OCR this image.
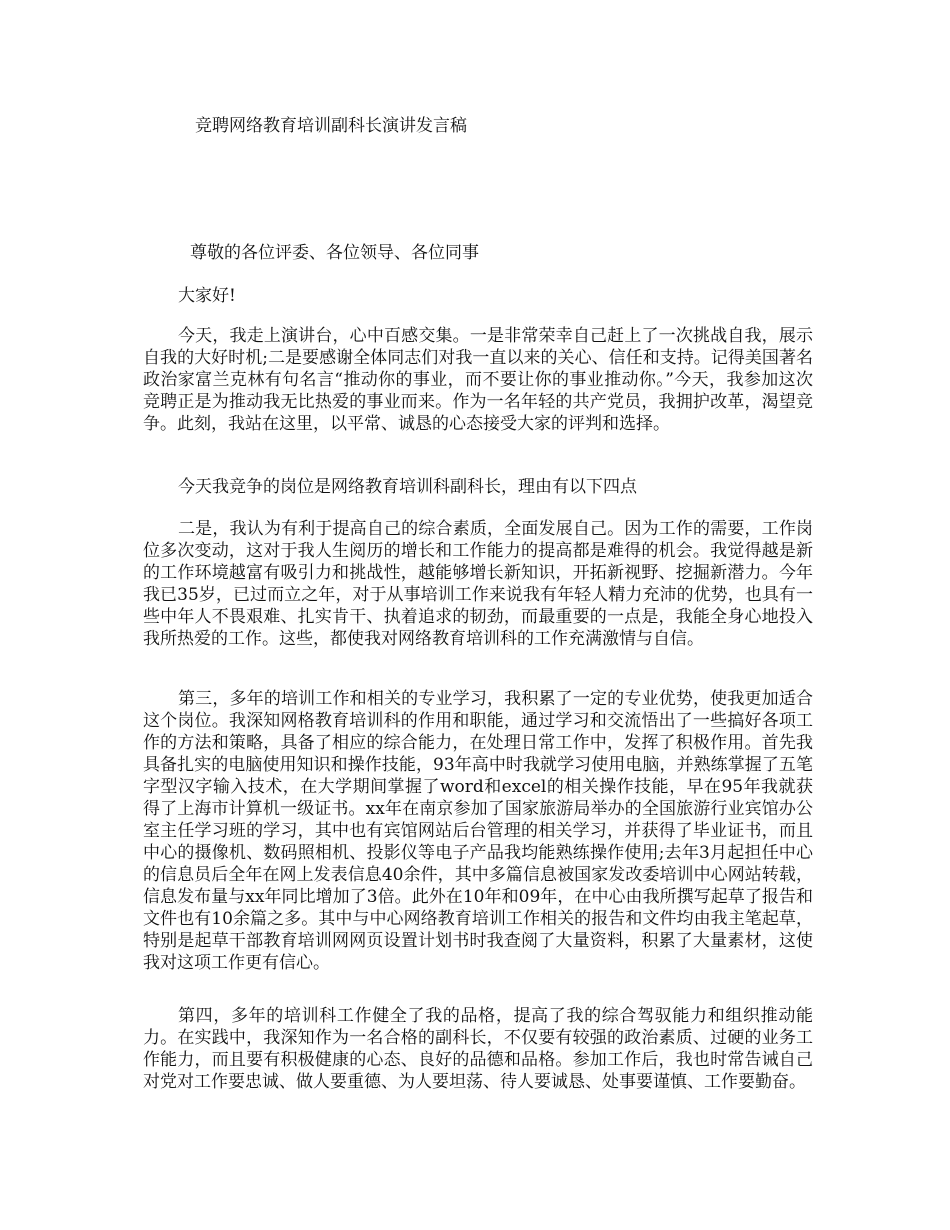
竞聘网络教育培训副科长演讲发言稿
尊敬的各位评委、各位领导、各位同事
大家好!

今天，我走上演讲台，心中百感交集。一是非常荣幸自己赶上了一次挑战自我，展示自我的大好时机;二是要感谢全体同志们对我一直以来的关心、信任和支持。记得美国著名政治家富兰克林有句名言“推动你的事业，而不要让你的事业推动你。”今天，我参加这次竞聘正是为推动我无比热爱的事业而来。作为一名年轻的共产党员，我拥护改革，渴望竞争。此刻，我站在这里，以平常、诚恳的心态接受大家的评判和选择。

今天我竞争的岗位是网络教育培训科副科长，理由有以下四点

二是，我认为有利于提高自己的综合素质，全面发展自己。因为工作的需要，工作岗位多次变动，这对于我人生阅历的增长和工作能力的提高都是难得的机会。我觉得越是新的工作环境越富有吸引力和挑战性，越能够增长新知识，开拓新视野、挖掘新潜力。今年我已35岁，已过而立之年，对于从事培训工作来说我有年轻人精力充沛的优势，也具有一些中年人不畏艰难、扎实肯干、执着追求的韧劲，而最重要的一点是，我能全身心地投入我所热爱的工作。这些，都使我对网络教育培训科的工作充满激情与自信。

第三，多年的培训工作和相关的专业学习，我积累了一定的专业优势，使我更加适合这个岗位。我深知网格教育培训科的作用和职能，通过学习和交流悟出了一些搞好各项工作的方法和策略，具备了相应的综合能力，在处理日常工作中，发挥了积极作用。首先我具备扎实的电脑使用知识和操作技能，93年高中时我就学习使用电脑，并熟练掌握了五笔字型汉字输入技术，在大学期间掌握了word和excel的相关操作技能，早在95年我就获得了上海市计算机一级证书。xx年在南京参加了国家旅游局举办的全国旅游行业宾馆办公室主任学习班的学习，其中也有宾馆网站后台管理的相关学习，并获得了毕业证书，而且中心的摄像机、数码照相机、投影仪等电子产品我均能熟练操作使用;去年3月起担任中心的信息员后全年在网上发表信息40余件，其中多篇信息被国家发改委培训中心网站转载，信息发布量与xx年同比增加了3倍。此外在10年和09年，在中心由我所撰写起草了报告和文件也有10余篇之多。其中与中心网络教育培训工作相关的报告和文件均由我主笔起草，特别是起草干部教育培训网网页设置计划书时我查阅了大量资料，积累了大量素材，这使我对这项工作更有信心。

第四，多年的培训科工作健全了我的品格，提高了我的综合驾驭能力和组织推动能力。在实践中，我深知作为一名合格的副科长，不仅要有较强的政治素质、过硬的业务工作能力，而且要有积极健康的心态、良好的品德和品格。参加工作后，我也时常告诫自己对党对工作要忠诚、做人要重德、为人要坦荡、待人要诚恳、处事要谨慎、工作要勤奋。
